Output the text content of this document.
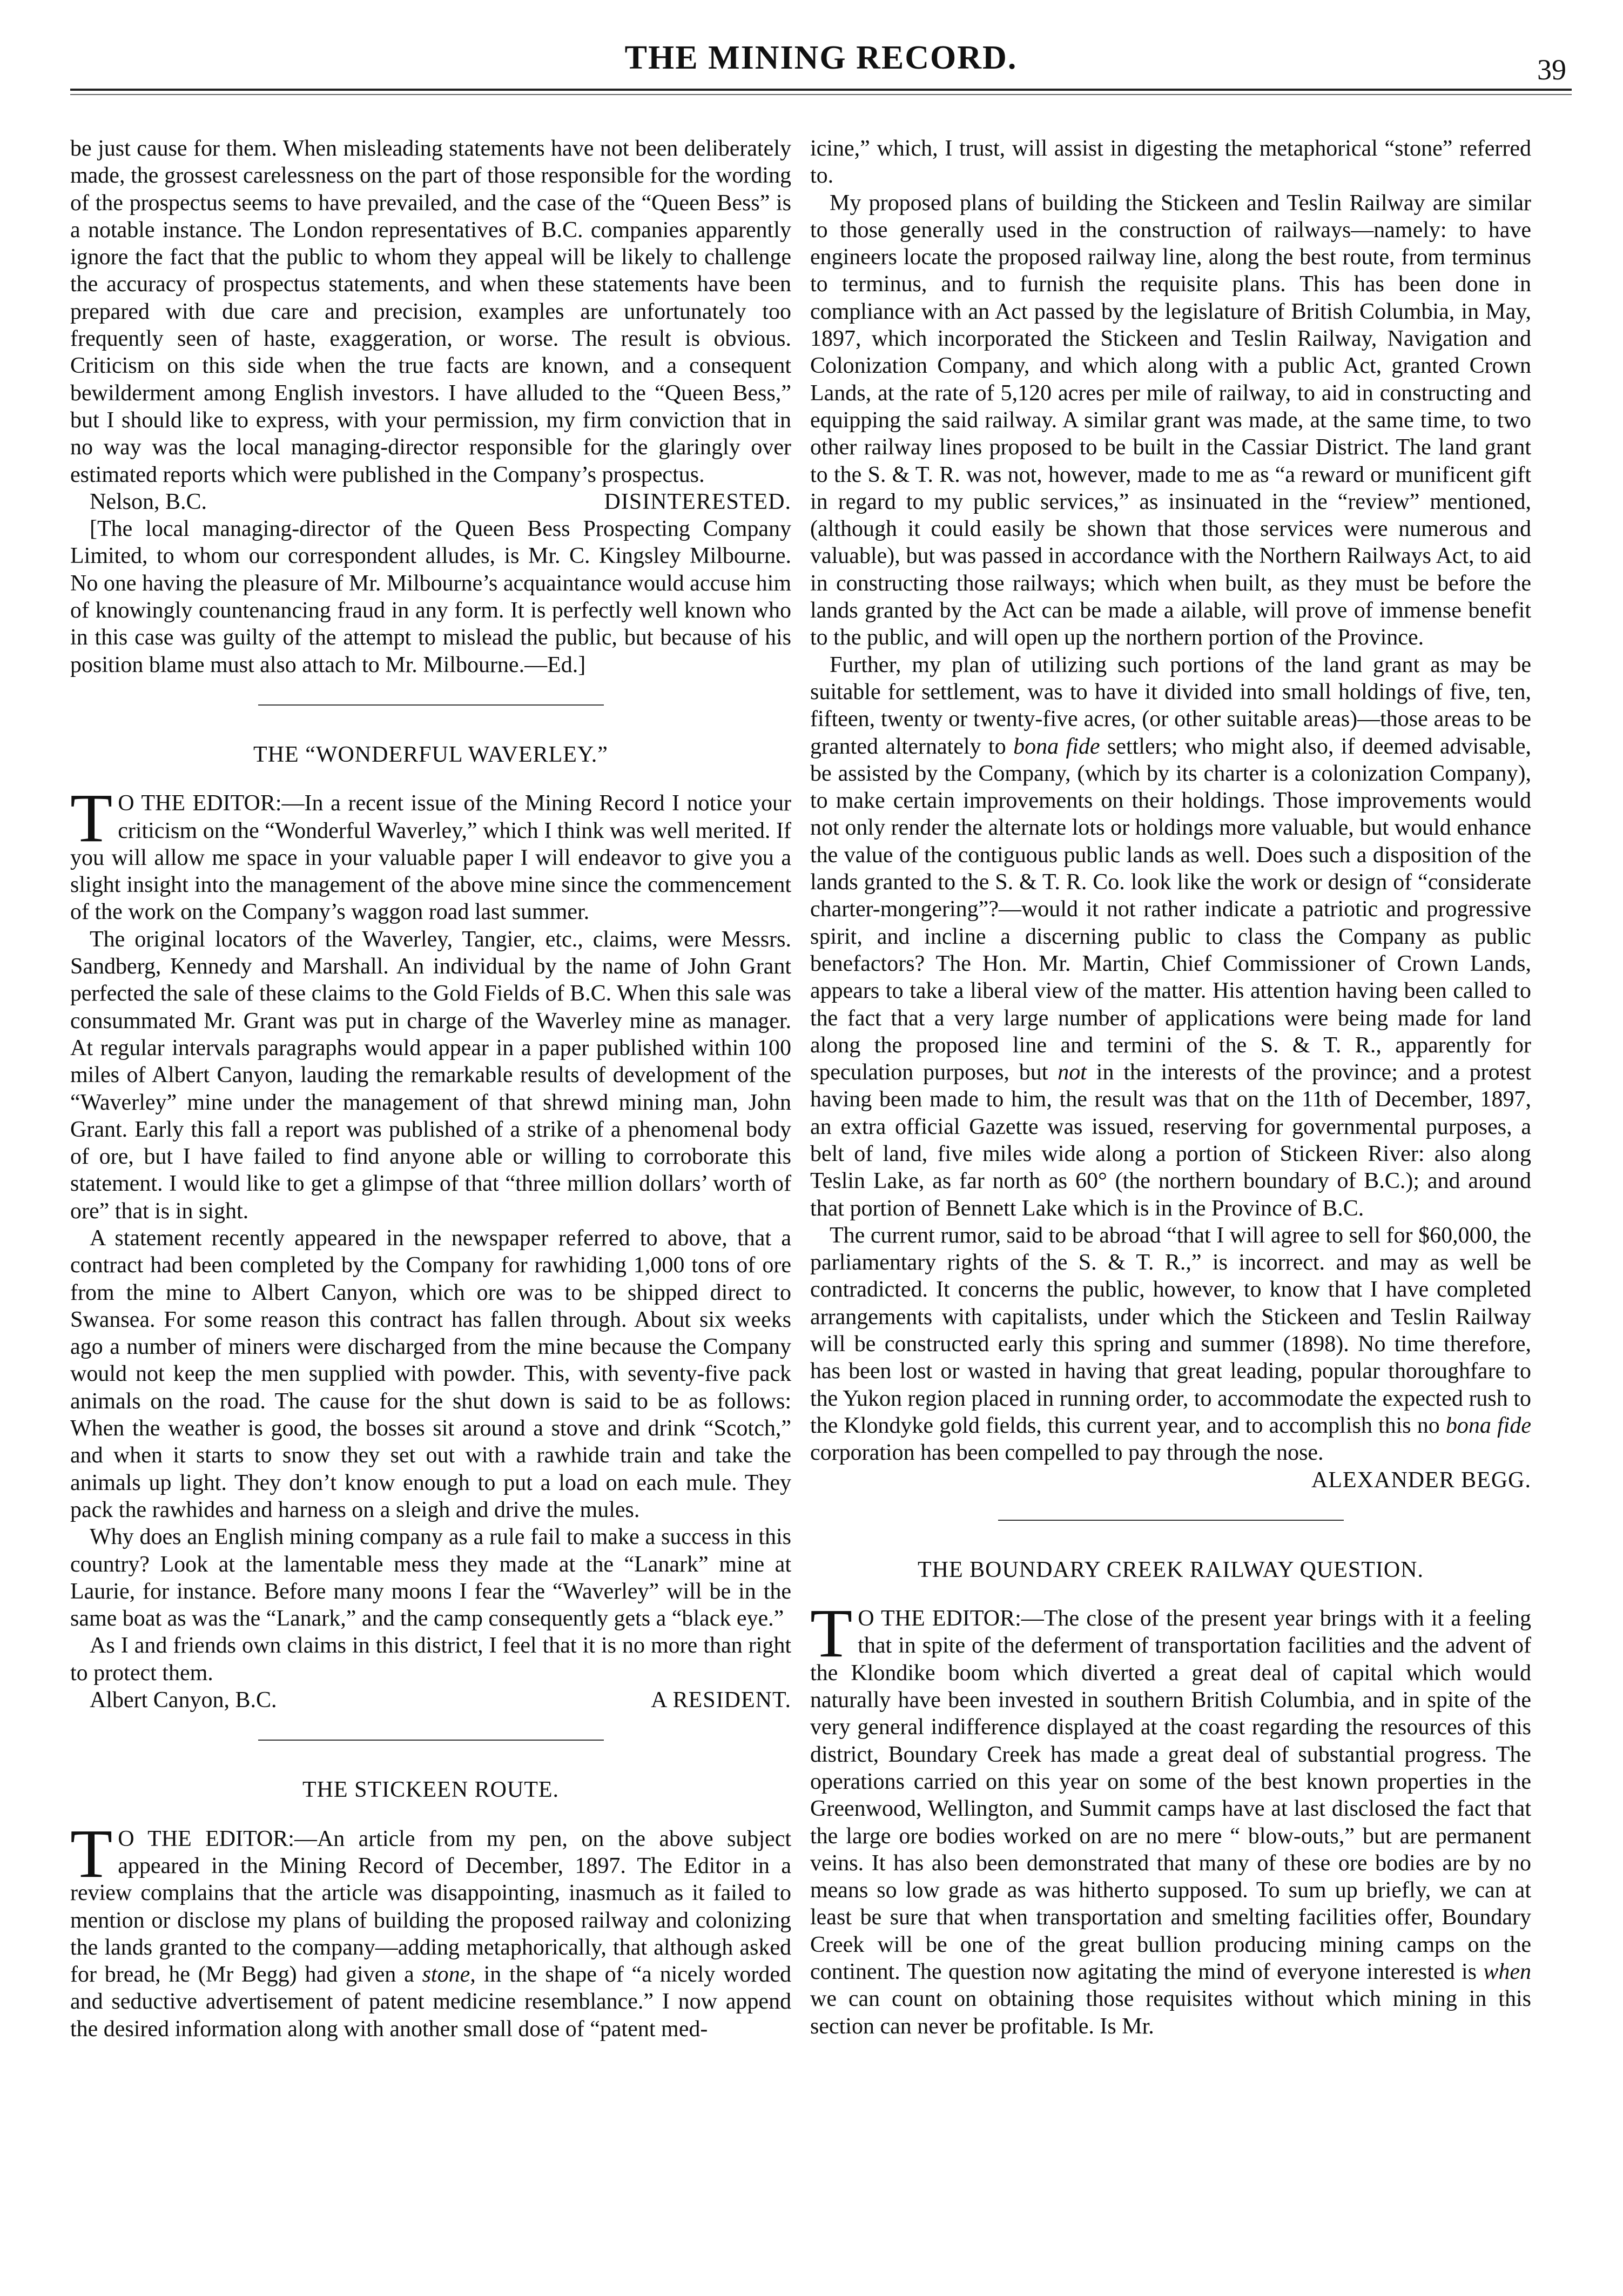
THE MINING RECORD.	39

be just cause for them. When misleading statements have not been deliberately made, the grossest carelessness on the part of those responsible for the wording of the prospectus seems to have prevailed, and the case of the “Queen Bess” is a notable instance. The London representatives of B.C. companies apparently ignore the fact that the public to whom they appeal will be likely to challenge the accuracy of prospectus statements, and when these statements have been prepared with due care and precision, examples are unfortunately too frequently seen of haste, exaggeration, or worse. The result is obvious. Criticism on this side when the true facts are known, and a consequent bewilderment among English investors. I have alluded to the “Queen Bess,” but I should like to express, with your permission, my firm conviction that in no way was the local managing-director responsible for the glaringly over estimated reports which were published in the Company’s prospectus.

Nelson, B.C.	DISINTERESTED.

[The local managing-director of the Queen Bess Prospecting Company Limited, to whom our correspondent alludes, is Mr. C. Kingsley Milbourne. No one having the pleasure of Mr. Milbourne’s acquaintance would accuse him of knowingly countenancing fraud in any form. It is perfectly well known who in this case was guilty of the attempt to mislead the public, but because of his position blame must also attach to Mr. Milbourne.—Ed.]

THE “WONDERFUL WAVERLEY.”

T O THE EDITOR:—In a recent issue of the Mining Record I notice your criticism on the “Wonderful Waverley,” which I think was well merited. If you will allow me space in your valuable paper I will endeavor to give you a slight insight into the management of the above mine since the commencement of the work on the Company’s waggon road last summer.

The original locators of the Waverley, Tangier, etc., claims, were Messrs. Sandberg, Kennedy and Marshall. An individual by the name of John Grant perfected the sale of these claims to the Gold Fields of B.C. When this sale was consummated Mr. Grant was put in charge of the Waverley mine as manager. At regular intervals paragraphs would appear in a paper published within 100 miles of Albert Canyon, lauding the remarkable results of development of the “Waverley” mine under the management of that shrewd mining man, John Grant. Early this fall a report was published of a strike of a phenomenal body of ore, but I have failed to find anyone able or willing to corroborate this statement. I would like to get a glimpse of that “three million dollars’ worth of ore” that is in sight.

A statement recently appeared in the newspaper referred to above, that a contract had been completed by the Company for rawhiding 1,000 tons of ore from the mine to Albert Canyon, which ore was to be shipped direct to Swansea. For some reason this contract has fallen through. About six weeks ago a number of miners were discharged from the mine because the Company would not keep the men supplied with powder. This, with seventy-five pack animals on the road. The cause for the shut down is said to be as follows: When the weather is good, the bosses sit around a stove and drink “Scotch,” and when it starts to snow they set out with a rawhide train and take the animals up light. They don’t know enough to put a load on each mule. They pack the rawhides and harness on a sleigh and drive the mules.

Why does an English mining company as a rule fail to make a success in this country? Look at the lamentable mess they made at the “Lanark” mine at Laurie, for instance. Before many moons I fear the “Waverley” will be in the same boat as was the “Lanark,” and the camp consequently gets a “black eye.”

As I and friends own claims in this district, I feel that it is no more than right to protect them.

Albert Canyon, B.C.	A RESIDENT.
THE STICKEEN ROUTE.

T O THE EDITOR:—An article from my pen, on the above subject appeared in the Mining Record of December, 1897. The Editor in a review complains that the article was disappointing, inasmuch as it failed to mention or disclose my plans of building the proposed railway and colonizing the lands granted to the company—adding metaphorically, that although asked for bread, he (Mr Begg) had given a stone, in the shape of “a nicely worded and seductive advertisement of patent medicine resemblance.” I now append the desired information along with another small dose of “patent med-

icine,” which, I trust, will assist in digesting the metaphorical “stone” referred to.

My proposed plans of building the Stickeen and Teslin Railway are similar to those generally used in the construction of railways—namely: to have engineers locate the proposed railway line, along the best route, from terminus to terminus, and to furnish the requisite plans. This has been done in compliance with an Act passed by the legislature of British Columbia, in May, 1897, which incorporated the Stickeen and Teslin Railway, Navigation and Colonization Company, and which along with a public Act, granted Crown Lands, at the rate of 5,120 acres per mile of railway, to aid in constructing and equipping the said railway. A similar grant was made, at the same time, to two other railway lines proposed to be built in the Cassiar District. The land grant to the S. & T. R. was not, however, made to me as “a reward or munificent gift in regard to my public services,” as insinuated in the “review” mentioned, (although it could easily be shown that those services were numerous and valuable), but was passed in accordance with the Northern Railways Act, to aid in constructing those railways; which when built, as they must be before the lands granted by the Act can be made a ailable, will prove of immense benefit to the public, and will open up the northern portion of the Province.

Further, my plan of utilizing such portions of the land grant as may be suitable for settlement, was to have it divided into small holdings of five, ten, fifteen, twenty or twenty-five acres, (or other suitable areas)—those areas to be granted alternately to bona fide settlers; who might also, if deemed advisable, be assisted by the Company, (which by its charter is a colonization Company), to make certain improvements on their holdings. Those improvements would not only render the alternate lots or holdings more valuable, but would enhance the value of the contiguous public lands as well. Does such a disposition of the lands granted to the S. & T. R. Co. look like the work or design of “considerate charter-mongering”?—would it not rather indicate a patriotic and progressive spirit, and incline a discerning public to class the Company as public benefactors? The Hon. Mr. Martin, Chief Commissioner of Crown Lands, appears to take a liberal view of the matter. His attention having been called to the fact that a very large number of applications were being made for land along the proposed line and termini of the S. & T. R., apparently for speculation purposes, but not in the interests of the province; and a protest having been made to him, the result was that on the 11th of December, 1897, an extra official Gazette was issued, reserving for governmental purposes, a belt of land, five miles wide along a portion of Stickeen River: also along Teslin Lake, as far north as 60° (the northern boundary of B.C.); and around that portion of Bennett Lake which is in the Province of B.C.

The current rumor, said to be abroad “that I will agree to sell for $60,000, the parliamentary rights of the S. & T. R.,” is incorrect. and may as well be contradicted. It concerns the public, however, to know that I have completed arrangements with capitalists, under which the Stickeen and Teslin Railway will be constructed early this spring and summer (1898). No time therefore, has been lost or wasted in having that great leading, popular thoroughfare to the Yukon region placed in running order, to accommodate the expected rush to the Klondyke gold fields, this current year, and to accomplish this no bona fide corporation has been compelled to pay through the nose.

ALEXANDER BEGG.
THE BOUNDARY CREEK RAILWAY QUESTION.

T O THE EDITOR:—The close of the present year brings with it a feeling that in spite of the deferment of transportation facilities and the advent of the Klondike boom which diverted a great deal of capital which would naturally have been invested in southern British Columbia, and in spite of the very general indifference displayed at the coast regarding the resources of this district, Boundary Creek has made a great deal of substantial progress. The operations carried on this year on some of the best known properties in the Greenwood, Wellington, and Summit camps have at last disclosed the fact that the large ore bodies worked on are no mere “ blow-outs,” but are permanent veins. It has also been demonstrated that many of these ore bodies are by no means so low grade as was hitherto supposed. To sum up briefly, we can at least be sure that when transportation and smelting facilities offer, Boundary Creek will be one of the great bullion producing mining camps on the continent. The question now agitating the mind of everyone interested is when we can count on obtaining those requisites without which mining in this section can never be profitable. Is Mr.
